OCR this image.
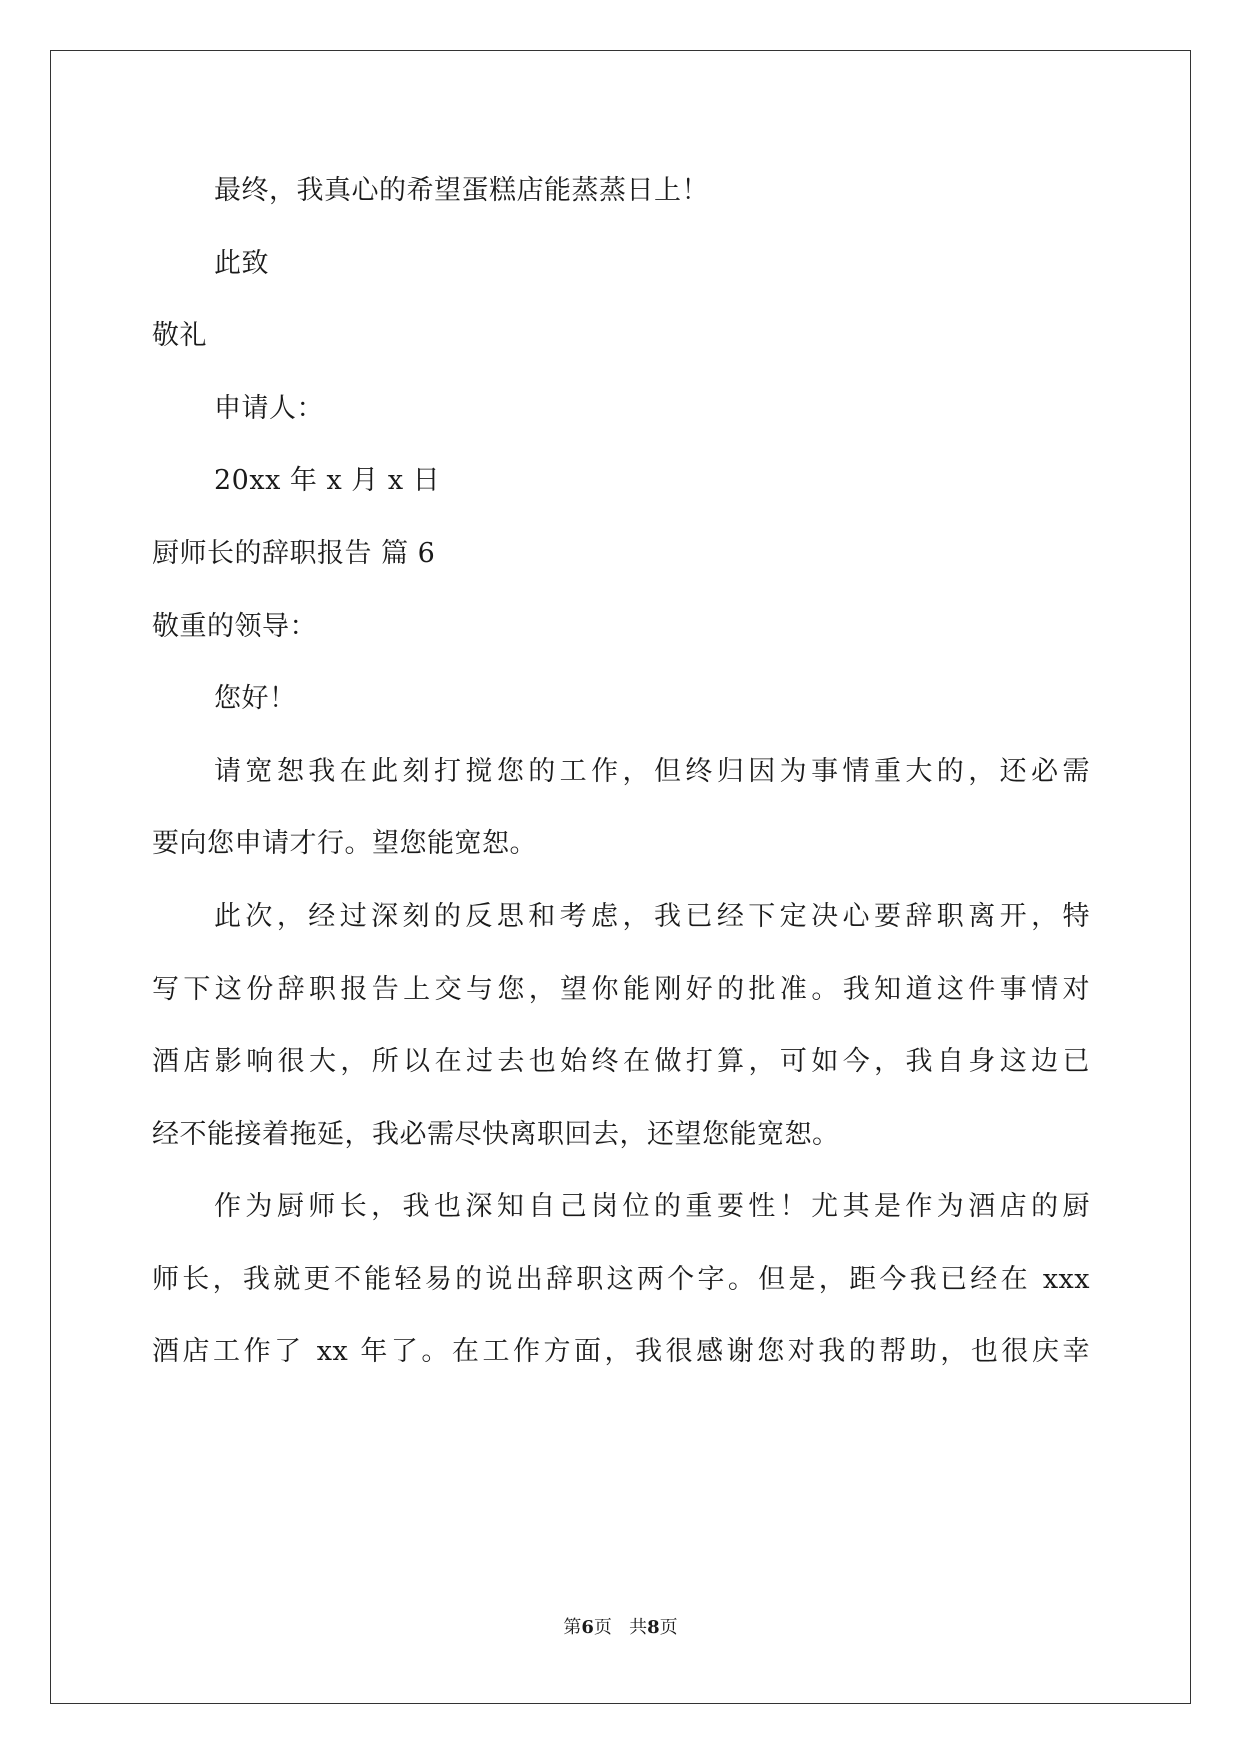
最终，我真心的希望蛋糕店能蒸蒸日上！
此致
敬礼
申请人：
20xx 年 x 月 x 日
厨师长的辞职报告 篇 6
敬重的领导：
您好！
请宽恕我在此刻打搅您的工作，但终归因为事情重大的，还必需
要向您申请才行。望您能宽恕。
此次，经过深刻的反思和考虑，我已经下定决心要辞职离开，特
写下这份辞职报告上交与您，望你能刚好的批准。我知道这件事情对
酒店影响很大，所以在过去也始终在做打算，可如今，我自身这边已
经不能接着拖延，我必需尽快离职回去，还望您能宽恕。
作为厨师长，我也深知自己岗位的重要性！尤其是作为酒店的厨
师长，我就更不能轻易的说出辞职这两个字。但是，距今我已经在 xxx
酒店工作了 xx 年了。在工作方面，我很感谢您对我的帮助，也很庆幸
第6页 共8页
